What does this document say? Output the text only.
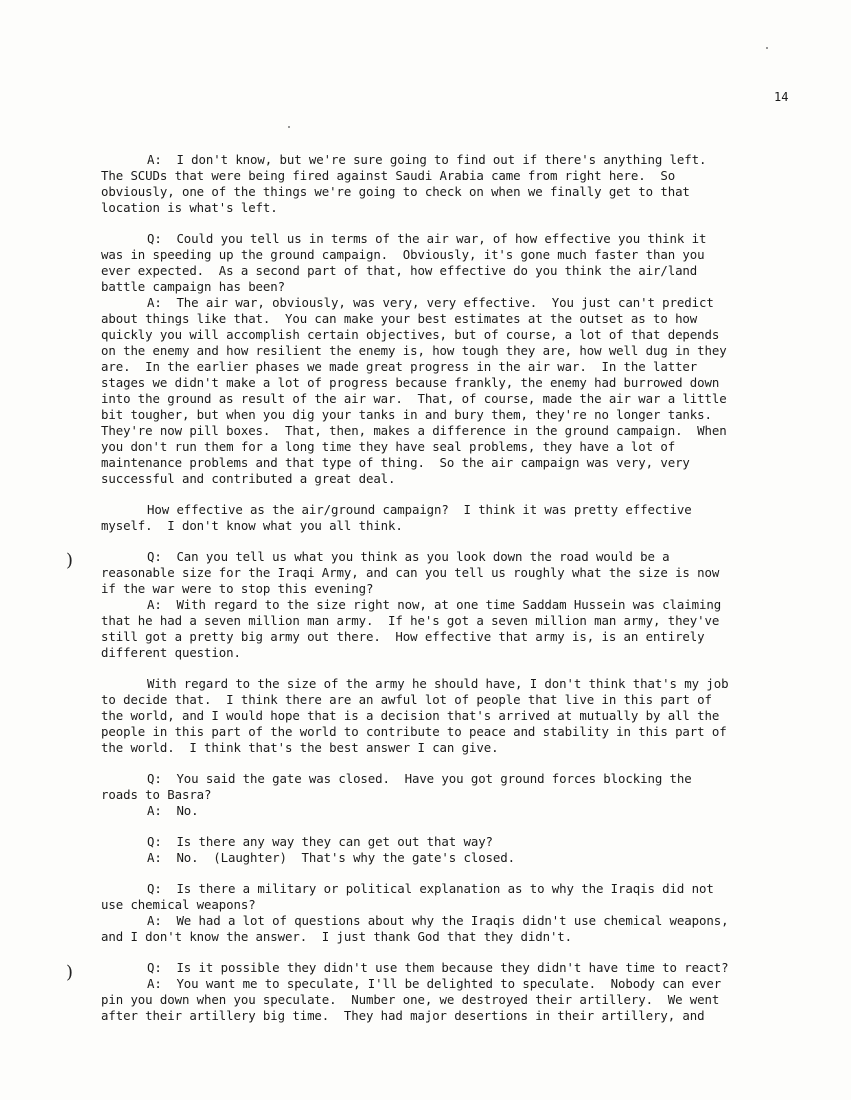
14
)
)
A:  I don't know, but we're sure going to find out if there's anything left.
The SCUDs that were being fired against Saudi Arabia came from right here.  So
obviously, one of the things we're going to check on when we finally get to that
location is what's left.
Q:  Could you tell us in terms of the air war, of how effective you think it
was in speeding up the ground campaign.  Obviously, it's gone much faster than you
ever expected.  As a second part of that, how effective do you think the air/land
battle campaign has been?
A:  The air war, obviously, was very, very effective.  You just can't predict
about things like that.  You can make your best estimates at the outset as to how
quickly you will accomplish certain objectives, but of course, a lot of that depends
on the enemy and how resilient the enemy is, how tough they are, how well dug in they
are.  In the earlier phases we made great progress in the air war.  In the latter
stages we didn't make a lot of progress because frankly, the enemy had burrowed down
into the ground as result of the air war.  That, of course, made the air war a little
bit tougher, but when you dig your tanks in and bury them, they're no longer tanks.
They're now pill boxes.  That, then, makes a difference in the ground campaign.  When
you don't run them for a long time they have seal problems, they have a lot of
maintenance problems and that type of thing.  So the air campaign was very, very
successful and contributed a great deal.
How effective as the air/ground campaign?  I think it was pretty effective
myself.  I don't know what you all think.
Q:  Can you tell us what you think as you look down the road would be a
reasonable size for the Iraqi Army, and can you tell us roughly what the size is now
if the war were to stop this evening?
A:  With regard to the size right now, at one time Saddam Hussein was claiming
that he had a seven million man army.  If he's got a seven million man army, they've
still got a pretty big army out there.  How effective that army is, is an entirely
different question.
With regard to the size of the army he should have, I don't think that's my job
to decide that.  I think there are an awful lot of people that live in this part of
the world, and I would hope that is a decision that's arrived at mutually by all the
people in this part of the world to contribute to peace and stability in this part of
the world.  I think that's the best answer I can give.
Q:  You said the gate was closed.  Have you got ground forces blocking the
roads to Basra?
A:  No.
Q:  Is there any way they can get out that way?
A:  No.  (Laughter)  That's why the gate's closed.
Q:  Is there a military or political explanation as to why the Iraqis did not
use chemical weapons?
A:  We had a lot of questions about why the Iraqis didn't use chemical weapons,
and I don't know the answer.  I just thank God that they didn't.
Q:  Is it possible they didn't use them because they didn't have time to react?
A:  You want me to speculate, I'll be delighted to speculate.  Nobody can ever
pin you down when you speculate.  Number one, we destroyed their artillery.  We went
after their artillery big time.  They had major desertions in their artillery, and
